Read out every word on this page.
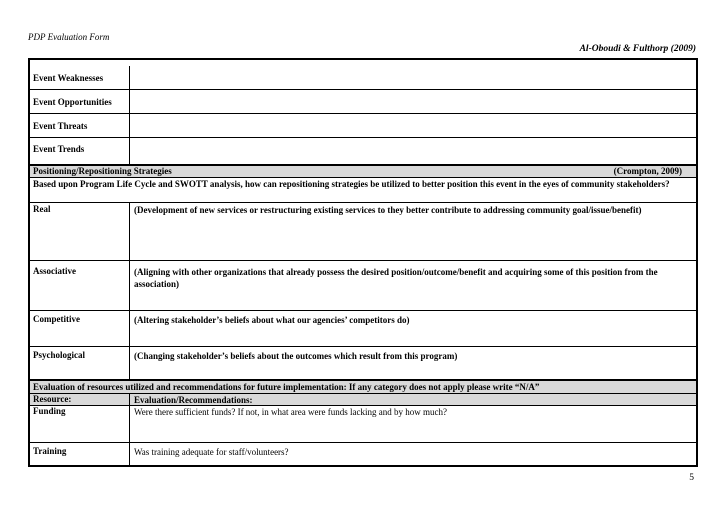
PDP Evaluation Form
Al-Oboudi & Fulthorp (2009)
Event Weaknesses
Event Opportunities
Event Threats
Event Trends
Positioning/Repositioning Strategies	(Crompton, 2009)
Based upon Program Life Cycle and SWOTT analysis, how can repositioning strategies be utilized to better position this event in the eyes of community stakeholders?
Real	(Development of new services or restructuring existing services to they better contribute to addressing community goal/issue/benefit)
Associative	(Aligning with other organizations that already possess the desired position/outcome/benefit and acquiring some of this position from the association)
Competitive	(Altering stakeholder’s beliefs about what our agencies’ competitors do)
Psychological	(Changing stakeholder’s beliefs about the outcomes which result from this program)
Evaluation of resources utilized and recommendations for future implementation: If any category does not apply please write “N/A”
Resource:	Evaluation/Recommendations:
Funding	Were there sufficient funds? If not, in what area were funds lacking and by how much?
Training	Was training adequate for staff/volunteers?
5
